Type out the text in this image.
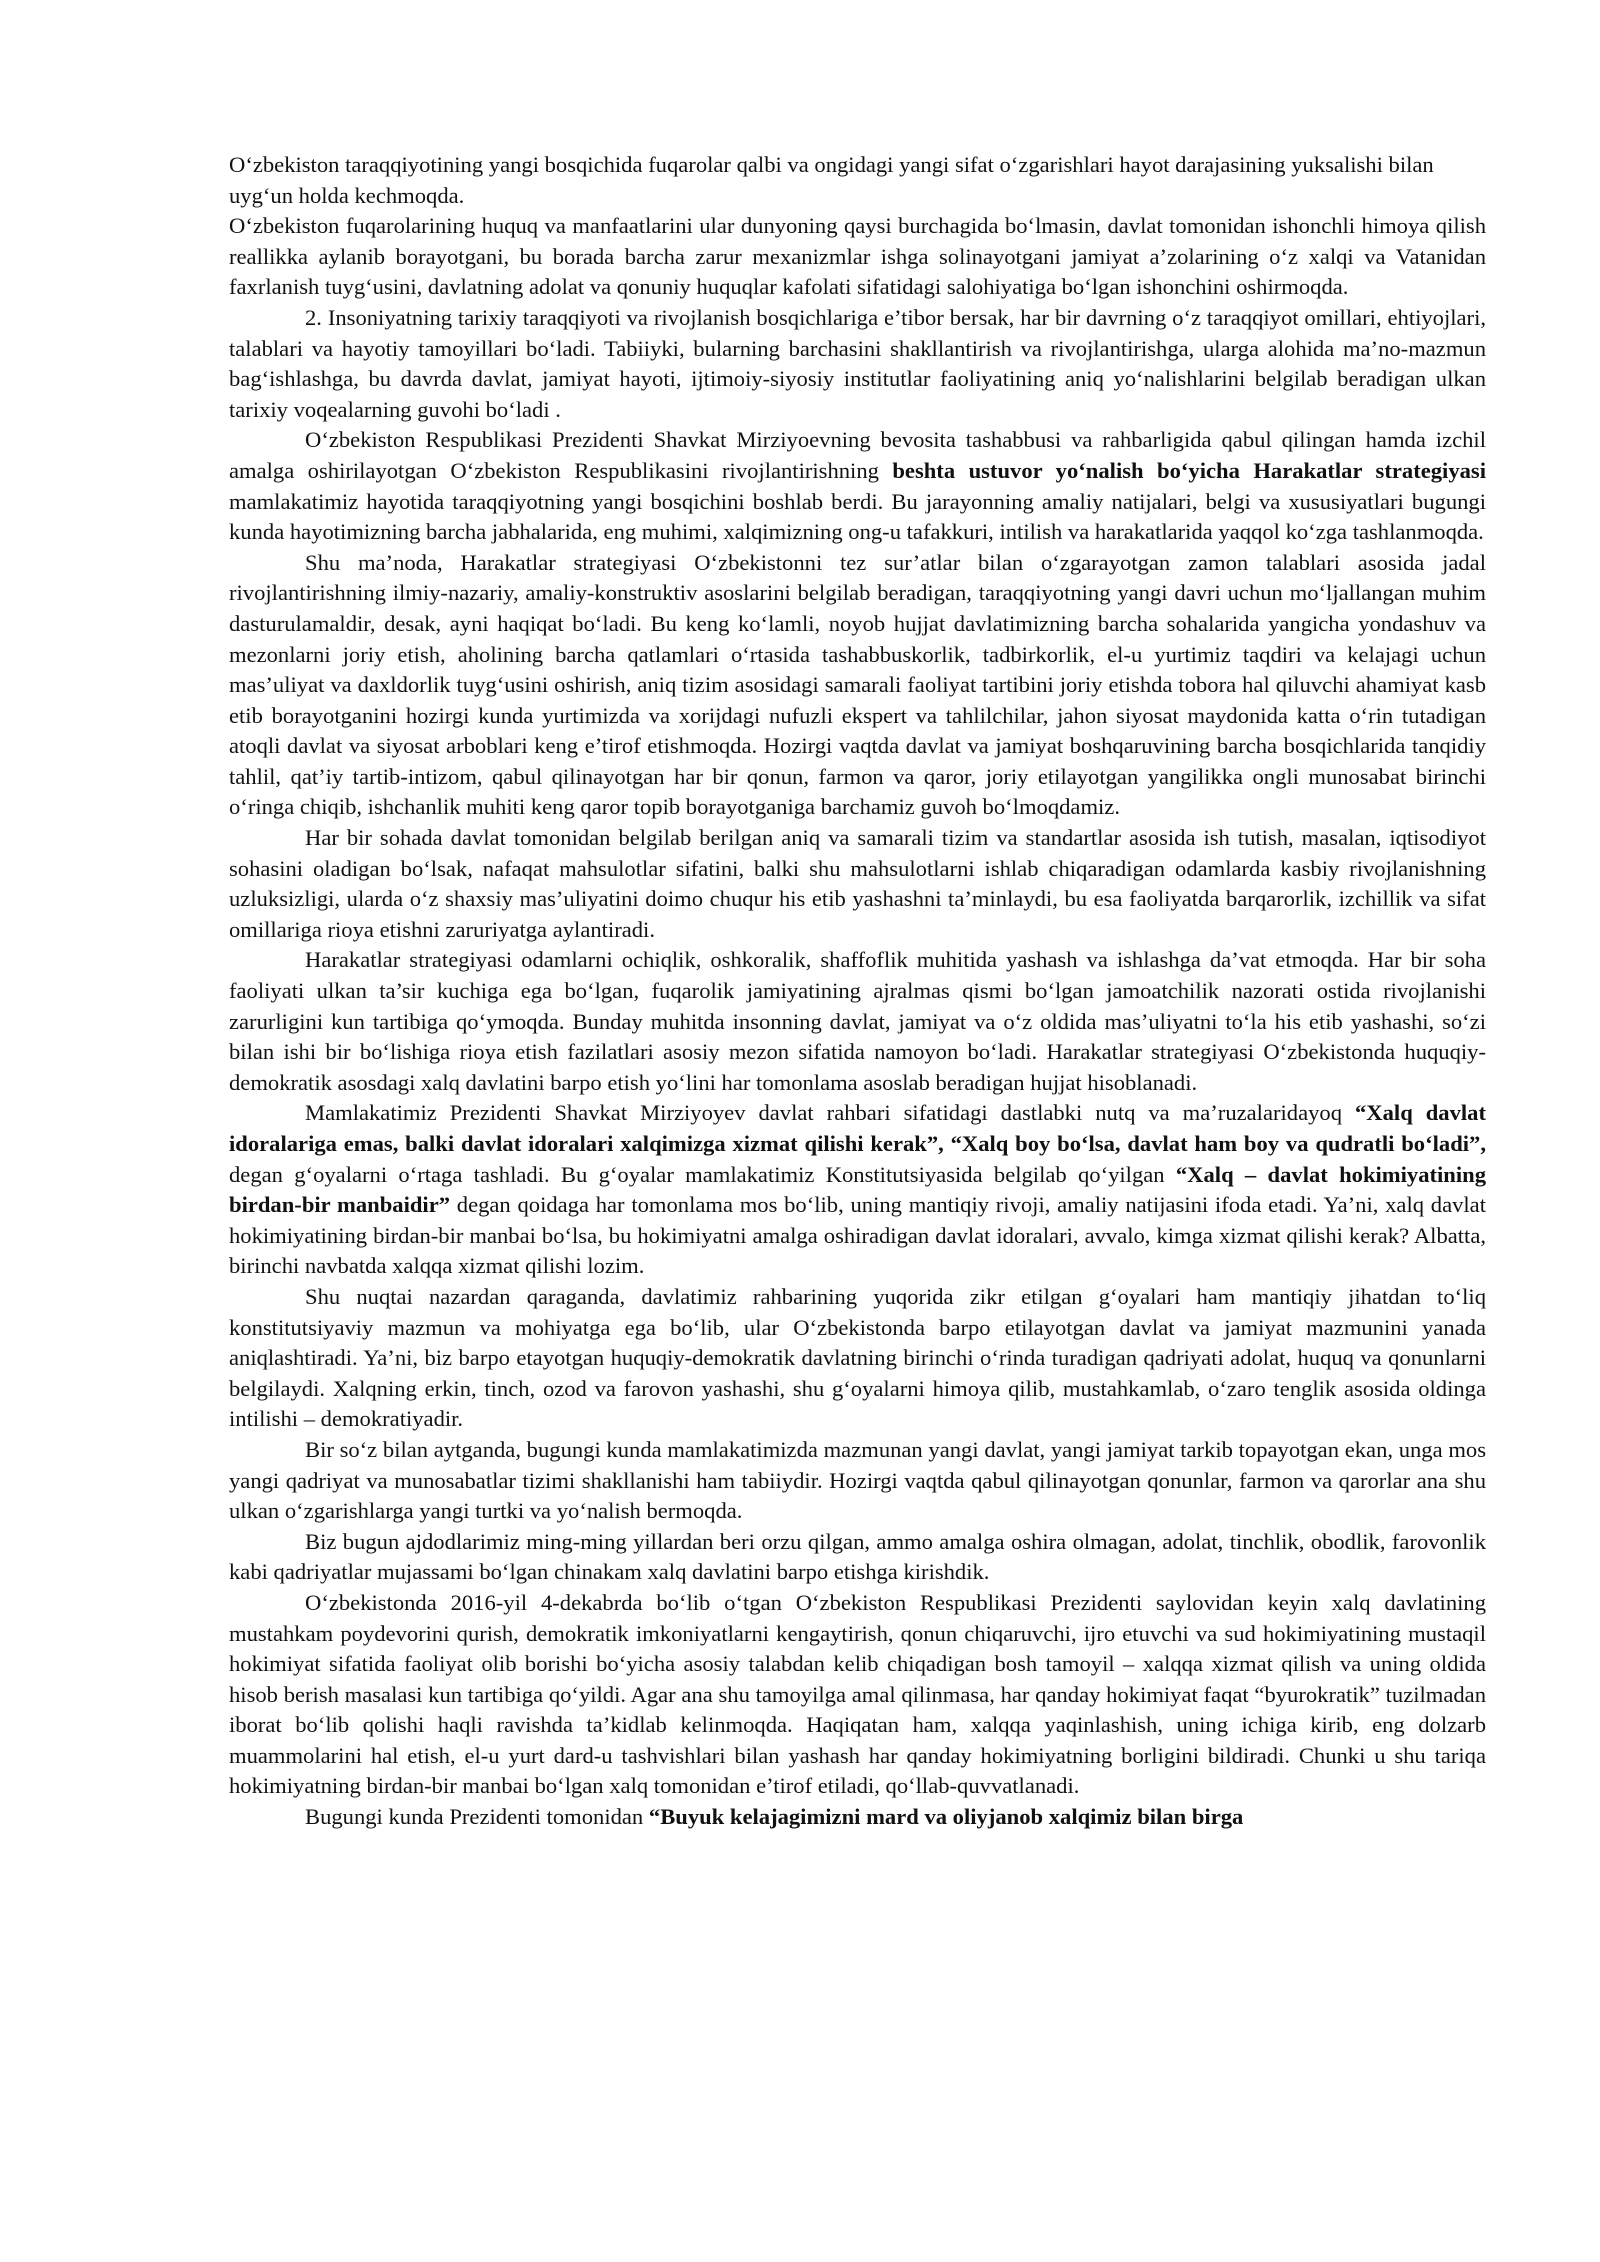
O‘zbekiston taraqqiyotining yangi bosqichida fuqarolar qalbi va ongidagi yangi sifat o‘zgarishlari hayot darajasining yuksalishi bilan uyg‘un holda kechmoqda.

O‘zbekiston fuqarolarining huquq va manfaatlarini ular dunyoning qaysi burchagida bo‘lmasin, davlat tomonidan ishonchli himoya qilish reallikka aylanib borayotgani, bu borada barcha zarur mexanizmlar ishga solinayotgani jamiyat a’zolarining o‘z xalqi va Vatanidan faxrlanish tuyg‘usini, davlatning adolat va qonuniy huquqlar kafolati sifatidagi salohiyatiga bo‘lgan ishonchini oshirmoqda.

2. Insoniyatning tarixiy taraqqiyoti va rivojlanish bosqichlariga e’tibor bersak, har bir davrning o‘z taraqqiyot omillari, ehtiyojlari, talablari va hayotiy tamoyillari bo‘ladi. Tabiiyki, bularning barchasini shakllantirish va rivojlantirishga, ularga alohida ma’no-mazmun bag‘ishlashga, bu davrda davlat, jamiyat hayoti, ijtimoiy-siyosiy institutlar faoliyatining aniq yo‘nalishlarini belgilab beradigan ulkan tarixiy voqealarning guvohi bo‘ladi .

O‘zbekiston Respublikasi Prezidenti Shavkat Mirziyoevning bevosita tashabbusi va rahbarligida qabul qilingan hamda izchil amalga oshirilayotgan O‘zbekiston Respublikasini rivojlantirishning beshta ustuvor yo‘nalish bo‘yicha Harakatlar strategiyasi mamlakatimiz hayotida taraqqiyotning yangi bosqichini boshlab berdi. Bu jarayonning amaliy natijalari, belgi va xususiyatlari bugungi kunda hayotimizning barcha jabhalarida, eng muhimi, xalqimizning ong-u tafakkuri, intilish va harakatlarida yaqqol ko‘zga tashlanmoqda.

Shu ma’noda, Harakatlar strategiyasi O‘zbekistonni tez sur’atlar bilan o‘zgarayotgan zamon talablari asosida jadal rivojlantirishning ilmiy-nazariy, amaliy-konstruktiv asoslarini belgilab beradigan, taraqqiyotning yangi davri uchun mo‘ljallangan muhim dasturulamaldir, desak, ayni haqiqat bo‘ladi. Bu keng ko‘lamli, noyob hujjat davlatimizning barcha sohalarida yangicha yondashuv va mezonlarni joriy etish, aholining barcha qatlamlari o‘rtasida tashabbuskorlik, tadbirkorlik, el-u yurtimiz taqdiri va kelajagi uchun mas’uliyat va daxldorlik tuyg‘usini oshirish, aniq tizim asosidagi samarali faoliyat tartibini joriy etishda tobora hal qiluvchi ahamiyat kasb etib borayotganini hozirgi kunda yurtimizda va xorijdagi nufuzli ekspert va tahlilchilar, jahon siyosat maydonida katta o‘rin tutadigan atoqli davlat va siyosat arboblari keng e’tirof etishmoqda. Hozirgi vaqtda davlat va jamiyat boshqaruvining barcha bosqichlarida tanqidiy tahlil, qat’iy tartib-intizom, qabul qilinayotgan har bir qonun, farmon va qaror, joriy etilayotgan yangilikka ongli munosabat birinchi o‘ringa chiqib, ishchanlik muhiti keng qaror topib borayotganiga barchamiz guvoh bo‘lmoqdamiz.

Har bir sohada davlat tomonidan belgilab berilgan aniq va samarali tizim va standartlar asosida ish tutish, masalan, iqtisodiyot sohasini oladigan bo‘lsak, nafaqat mahsulotlar sifatini, balki shu mahsulotlarni ishlab chiqaradigan odamlarda kasbiy rivojlanishning uzluksizligi, ularda o‘z shaxsiy mas’uliyatini doimo chuqur his etib yashashni ta’minlaydi, bu esa faoliyatda barqarorlik, izchillik va sifat omillariga rioya etishni zaruriyatga aylantiradi.

Harakatlar strategiyasi odamlarni ochiqlik, oshkoralik, shaffoflik muhitida yashash va ishlashga da’vat etmoqda. Har bir soha faoliyati ulkan ta’sir kuchiga ega bo‘lgan, fuqarolik jamiyatining ajralmas qismi bo‘lgan jamoatchilik nazorati ostida rivojlanishi zarurligini kun tartibiga qo‘ymoqda. Bunday muhitda insonning davlat, jamiyat va o‘z oldida mas’uliyatni to‘la his etib yashashi, so‘zi bilan ishi bir bo‘lishiga rioya etish fazilatlari asosiy mezon sifatida namoyon bo‘ladi. Harakatlar strategiyasi O‘zbekistonda huquqiy-demokratik asosdagi xalq davlatini barpo etish yo‘lini har tomonlama asoslab beradigan hujjat hisoblanadi.

Mamlakatimiz Prezidenti Shavkat Mirziyoyev davlat rahbari sifatidagi dastlabki nutq va ma’ruzalaridayoq “Xalq davlat idoralariga emas, balki davlat idoralari xalqimizga xizmat qilishi kerak”, “Xalq boy bo‘lsa, davlat ham boy va qudratli bo‘ladi”, degan g‘oyalarni o‘rtaga tashladi. Bu g‘oyalar mamlakatimiz Konstitutsiyasida belgilab qo‘yilgan “Xalq – davlat hokimiyatining birdan-bir manbaidir” degan qoidaga har tomonlama mos bo‘lib, uning mantiqiy rivoji, amaliy natijasini ifoda etadi. Ya’ni, xalq davlat hokimiyatining birdan-bir manbai bo‘lsa, bu hokimiyatni amalga oshiradigan davlat idoralari, avvalo, kimga xizmat qilishi kerak? Albatta, birinchi navbatda xalqqa xizmat qilishi lozim.

Shu nuqtai nazardan qaraganda, davlatimiz rahbarining yuqorida zikr etilgan g‘oyalari ham mantiqiy jihatdan to‘liq konstitutsiyaviy mazmun va mohiyatga ega bo‘lib, ular O‘zbekistonda barpo etilayotgan davlat va jamiyat mazmunini yanada aniqlashtiradi. Ya’ni, biz barpo etayotgan huquqiy-demokratik davlatning birinchi o‘rinda turadigan qadriyati adolat, huquq va qonunlarni belgilaydi. Xalqning erkin, tinch, ozod va farovon yashashi, shu g‘oyalarni himoya qilib, mustahkamlab, o‘zaro tenglik asosida oldinga intilishi – demokratiyadir.

Bir so‘z bilan aytganda, bugungi kunda mamlakatimizda mazmunan yangi davlat, yangi jamiyat tarkib topayotgan ekan, unga mos yangi qadriyat va munosabatlar tizimi shakllanishi ham tabiiydir. Hozirgi vaqtda qabul qilinayotgan qonunlar, farmon va qarorlar ana shu ulkan o‘zgarishlarga yangi turtki va yo‘nalish bermoqda.

Biz bugun ajdodlarimiz ming-ming yillardan beri orzu qilgan, ammo amalga oshira olmagan, adolat, tinchlik, obodlik, farovonlik kabi qadriyatlar mujassami bo‘lgan chinakam xalq davlatini barpo etishga kirishdik.

O‘zbekistonda 2016-yil 4-dekabrda bo‘lib o‘tgan O‘zbekiston Respublikasi Prezidenti saylovidan keyin xalq davlatining mustahkam poydevorini qurish, demokratik imkoniyatlarni kengaytirish, qonun chiqaruvchi, ijro etuvchi va sud hokimiyatining mustaqil hokimiyat sifatida faoliyat olib borishi bo‘yicha asosiy talabdan kelib chiqadigan bosh tamoyil – xalqqa xizmat qilish va uning oldida hisob berish masalasi kun tartibiga qo‘yildi. Agar ana shu tamoyilga amal qilinmasa, har qanday hokimiyat faqat “byurokratik” tuzilmadan iborat bo‘lib qolishi haqli ravishda ta’kidlab kelinmoqda. Haqiqatan ham, xalqqa yaqinlashish, uning ichiga kirib, eng dolzarb muammolarini hal etish, el-u yurt dard-u tashvishlari bilan yashash har qanday hokimiyatning borligini bildiradi. Chunki u shu tariqa hokimiyatning birdan-bir manbai bo‘lgan xalq tomonidan e’tirof etiladi, qo‘llab-quvvatlanadi.

Bugungi kunda Prezidenti tomonidan “Buyuk kelajagimizni mard va oliyjanob xalqimiz bilan birga
